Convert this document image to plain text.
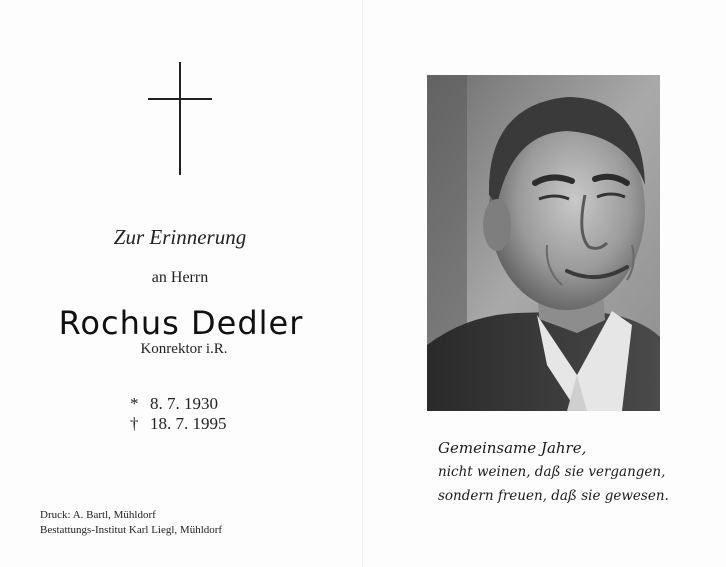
Zur Erinnerung
an Herrn
Rochus Dedler
Konrektor i.R.
* 8. 7. 1930
† 18. 7. 1995
Druck: A. Bartl, Mühldorf
Bestattungs-Institut Karl Liegl, Mühldorf
Gemeinsame Jahre,
nicht weinen, daß sie vergangen,
sondern freuen, daß sie gewesen.
